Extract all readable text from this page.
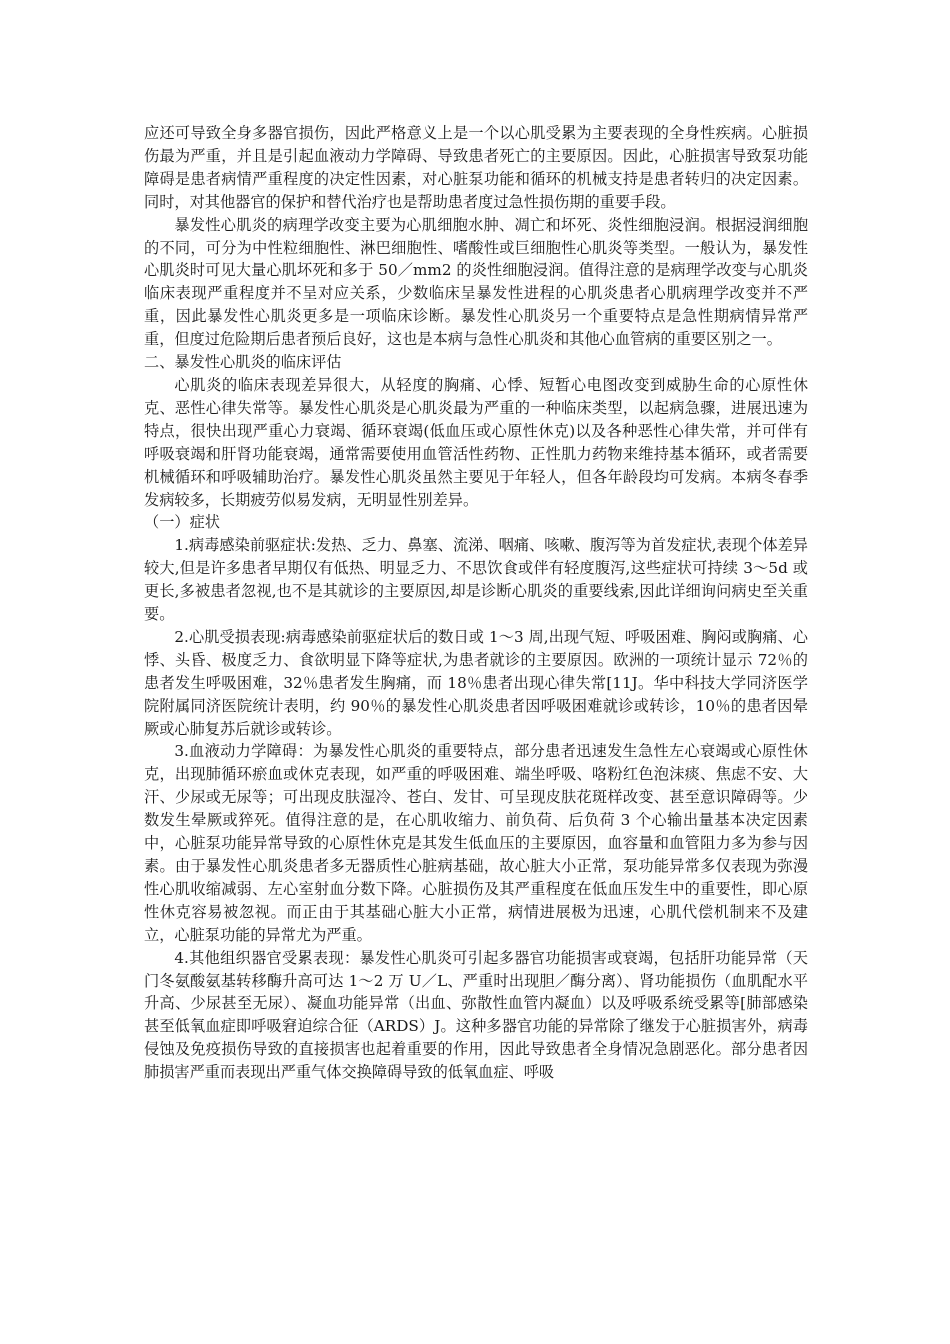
应还可导致全身多器官损伤，因此严格意义上是一个以心肌受累为主要表现的全身性疾病。心脏损伤最为严重，并且是引起血液动力学障碍、导致患者死亡的主要原因。因此，心脏损害导致泵功能障碍是患者病情严重程度的决定性因素，对心脏泵功能和循环的机械支持是患者转归的决定因素。同时，对其他器官的保护和替代治疗也是帮助患者度过急性损伤期的重要手段。

暴发性心肌炎的病理学改变主要为心肌细胞水肿、凋亡和坏死、炎性细胞浸润。根据浸润细胞的不同，可分为中性粒细胞性、淋巴细胞性、嗜酸性或巨细胞性心肌炎等类型。一般认为，暴发性心肌炎时可见大量心肌坏死和多于 50／mm2 的炎性细胞浸润。值得注意的是病理学改变与心肌炎临床表现严重程度并不呈对应关系，少数临床呈暴发性进程的心肌炎患者心肌病理学改变并不严重，因此暴发性心肌炎更多是一项临床诊断。暴发性心肌炎另一个重要特点是急性期病情异常严重，但度过危险期后患者预后良好，这也是本病与急性心肌炎和其他心血管病的重要区别之一。

二、暴发性心肌炎的临床评估

心肌炎的临床表现差异很大，从轻度的胸痛、心悸、短暂心电图改变到威胁生命的心原性休克、恶性心律失常等。暴发性心肌炎是心肌炎最为严重的一种临床类型，以起病急骤，进展迅速为特点，很快出现严重心力衰竭、循环衰竭(低血压或心原性休克)以及各种恶性心律失常，并可伴有呼吸衰竭和肝肾功能衰竭，通常需要使用血管活性药物、正性肌力药物来维持基本循环，或者需要机械循环和呼吸辅助治疗。暴发性心肌炎虽然主要见于年轻人，但各年龄段均可发病。本病冬春季发病较多，长期疲劳似易发病，无明显性别差异。

（一）症状

1.病毒感染前驱症状:发热、乏力、鼻塞、流涕、咽痛、咳嗽、腹泻等为首发症状,表现个体差异较大,但是许多患者早期仅有低热、明显乏力、不思饮食或伴有轻度腹泻,这些症状可持续 3～5d 或更长,多被患者忽视,也不是其就诊的主要原因,却是诊断心肌炎的重要线索,因此详细询问病史至关重要。

2.心肌受损表现:病毒感染前驱症状后的数日或 1～3 周,出现气短、呼吸困难、胸闷或胸痛、心悸、头昏、极度乏力、食欲明显下降等症状,为患者就诊的主要原因。欧洲的一项统计显示 72％的患者发生呼吸困难，32％患者发生胸痛，而 18％患者出现心律失常[11J。华中科技大学同济医学院附属同济医院统计表明，约 90％的暴发性心肌炎患者因呼吸困难就诊或转诊，10％的患者因晕厥或心肺复苏后就诊或转诊。

3.血液动力学障碍：为暴发性心肌炎的重要特点，部分患者迅速发生急性左心衰竭或心原性休克，出现肺循环瘀血或休克表现，如严重的呼吸困难、端坐呼吸、咯粉红色泡沫痰、焦虑不安、大汗、少尿或无尿等；可出现皮肤湿冷、苍白、发甘、可呈现皮肤花斑样改变、甚至意识障碍等。少数发生晕厥或猝死。值得注意的是，在心肌收缩力、前负荷、后负荷 3 个心输出量基本决定因素中，心脏泵功能异常导致的心原性休克是其发生低血压的主要原因，血容量和血管阻力多为参与因素。由于暴发性心肌炎患者多无器质性心脏病基础，故心脏大小正常，泵功能异常多仅表现为弥漫性心肌收缩减弱、左心室射血分数下降。心脏损伤及其严重程度在低血压发生中的重要性，即心原性休克容易被忽视。而正由于其基础心脏大小正常，病情进展极为迅速，心肌代偿机制来不及建立，心脏泵功能的异常尤为严重。

4.其他组织器官受累表现：暴发性心肌炎可引起多器官功能损害或衰竭，包括肝功能异常（天门冬氨酸氨基转移酶升高可达 1～2 万 U／L、严重时出现胆／酶分离）、肾功能损伤（血肌配水平升高、少尿甚至无尿）、凝血功能异常（出血、弥散性血管内凝血）以及呼吸系统受累等[肺部感染甚至低氧血症即呼吸窘迫综合征（ARDS）J。这种多器官功能的异常除了继发于心脏损害外，病毒侵蚀及免疫损伤导致的直接损害也起着重要的作用，因此导致患者全身情况急剧恶化。部分患者因肺损害严重而表现出严重气体交换障碍导致的低氧血症、呼吸
